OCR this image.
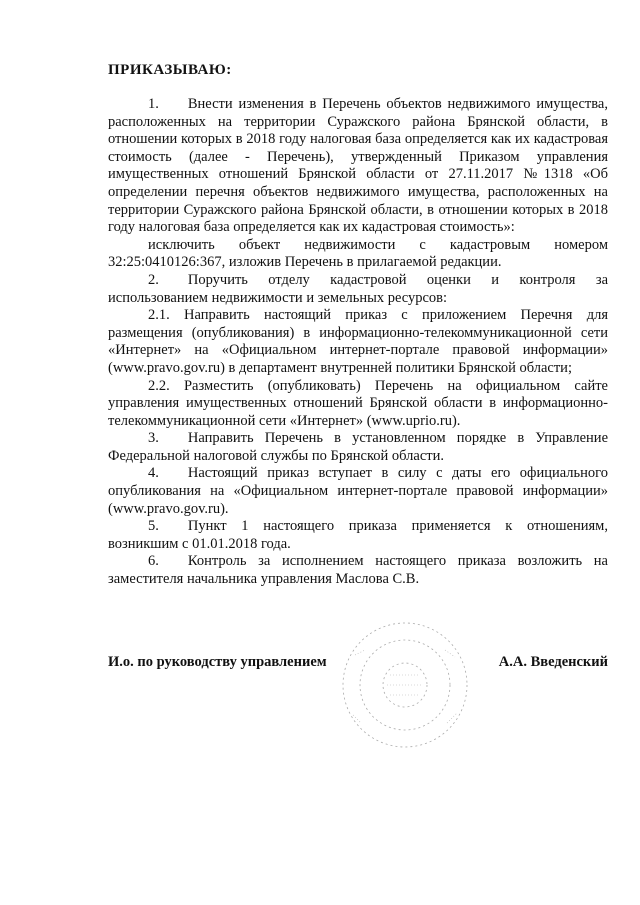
ПРИКАЗЫВАЮ:

1.  Внести изменения в Перечень объектов недвижимого имущества, расположенных на территории Суражского района Брянской области, в отношении которых в 2018 году налоговая база определяется как их кадастровая стоимость (далее - Перечень), утвержденный Приказом управления имущественных отношений Брянской области от 27.11.2017 №1318 «Об определении перечня объектов недвижимого имущества, расположенных на территории Суражского района Брянской области, в отношении которых в 2018 году налоговая база определяется как их кадастровая стоимость»:

исключить объект недвижимости с кадастровым номером 32:25:0410126:367, изложив Перечень в прилагаемой редакции.

2.  Поручить отделу кадастровой оценки и контроля за использованием недвижимости и земельных ресурсов:

2.1. Направить настоящий приказ с приложением Перечня для размещения (опубликования) в информационно-телекоммуникационной сети «Интернет» на «Официальном интернет-портале правовой информации» (www.pravo.gov.ru) в департамент внутренней политики Брянской области;

2.2. Разместить (опубликовать) Перечень на официальном сайте управления имущественных отношений Брянской области в информационно-телекоммуникационной сети «Интернет» (www.uprio.ru).

3.  Направить Перечень в установленном порядке в Управление Федеральной налоговой службы по Брянской области.

4.  Настоящий приказ вступает в силу с даты его официального опубликования на «Официальном интернет-портале правовой информации» (www.pravo.gov.ru).

5.  Пункт 1 настоящего приказа применяется к отношениям, возникшим с 01.01.2018 года.

6.  Контроль за исполнением настоящего приказа возложить на заместителя начальника управления Маслова С.В.

И.о. по руководству управлением	А.А. Введенский
